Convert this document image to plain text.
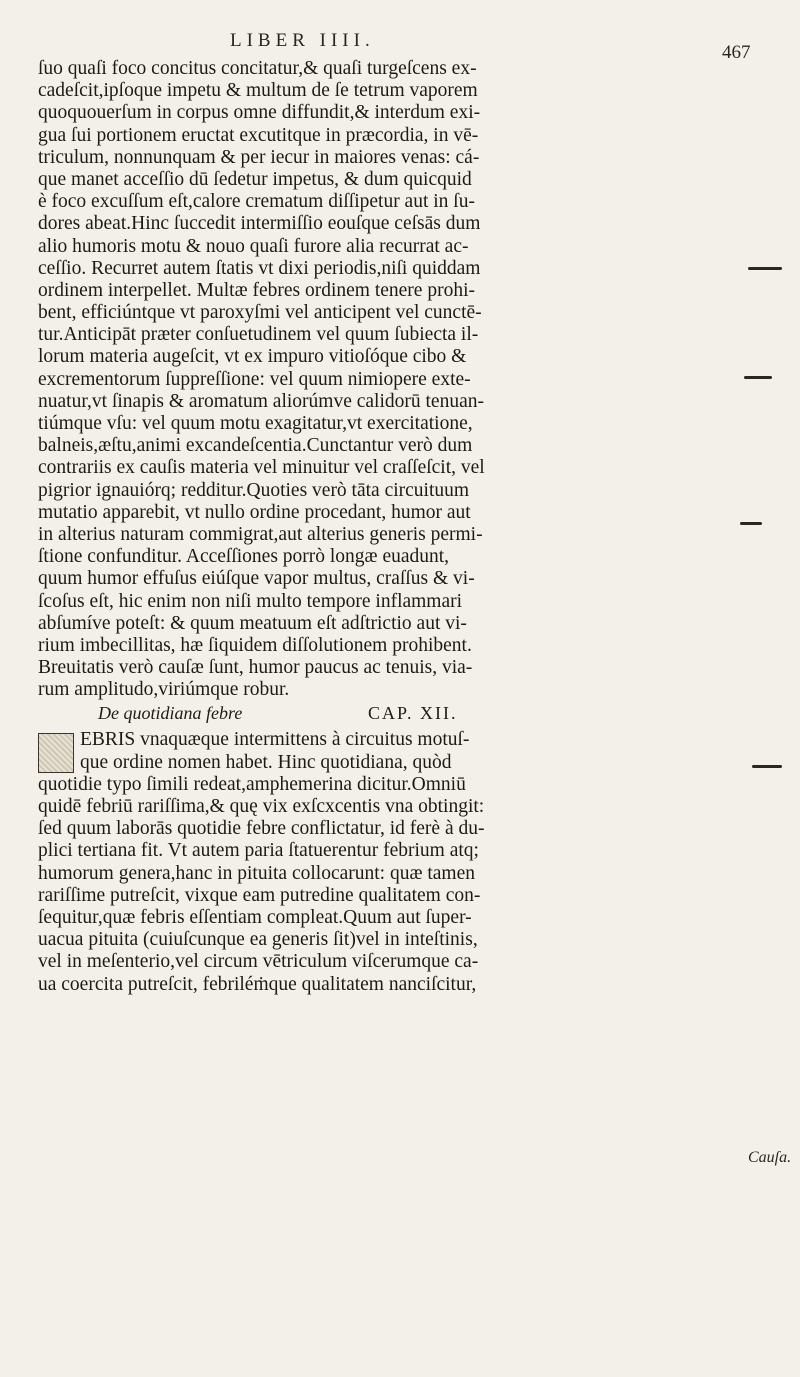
LIBER IIII.
467
ſuo quaſi foco concitus concitatur,& quaſi turgeſcens ex-
cadeſcit,ipſoque impetu & multum de ſe tetrum vaporem
quoquouerſum in corpus omne diffundit,& interdum exi-
gua ſui portionem eructat excutitque in præcordia, in vē-
triculum, nonnunquam & per iecur in maiores venas: cá-
que manet acceſſio dū ſedetur impetus, & dum quicquid
è foco excuſſum eſt,calore crematum diſſipetur aut in ſu-
dores abeat.Hinc ſuccedit intermiſſio eouſque ceſsās dum
alio humoris motu & nouo quaſi furore alia recurrat ac-
ceſſio. Recurret autem ſtatis vt dixi periodis,niſi quiddam
ordinem interpellet. Multæ febres ordinem tenere prohi-
bent, efficiúntque vt paroxyſmi vel anticipent vel cunctē-
tur.Anticipāt præter conſuetudinem vel quum ſubiecta il-
lorum materia augeſcit, vt ex impuro vitioſóque cibo &
excrementorum ſuppreſſione: vel quum nimiopere exte-
nuatur,vt ſinapis & aromatum aliorúmve calidorū tenuan-
tiúmque vſu: vel quum motu exagitatur,vt exercitatione,
balneis,æſtu,animi excandeſcentia.Cunctantur verò dum
contrariis ex cauſis materia vel minuitur vel craſſeſcit, vel
pigrior ignauiórq; redditur.Quoties verò tāta circuituum
mutatio apparebit, vt nullo ordine procedant, humor aut
in alterius naturam commigrat,aut alterius generis permi-
ſtione confunditur. Acceſſiones porrò longæ euadunt,
quum humor effuſus eiúſque vapor multus, craſſus & vi-
ſcoſus eſt, hic enim non niſi multo tempore inflammari
abſumíve poteſt: & quum meatuum eſt adſtrictio aut vi-
rium imbecillitas, hæ ſiquidem diſſolutionem prohibent.
Breuitatis verò cauſæ ſunt, humor paucus ac tenuis, via-
rum amplitudo,viriúmque robur.
De quotidiana febre	CAP. XII.
EBRIS vnaquæque intermittens à circuitus motuſ-
que ordine nomen habet. Hinc quotidiana, quòd
quotidie typo ſimili redeat,amphemerina dicitur.Omniū
quidē febriū rariſſima,& quę vix exſcxcentis vna obtingit:
ſed quum laborās quotidie febre conflictatur, id ferè à du-
plici tertiana fit. Vt autem paria ſtatuerentur febrium atq;
humorum genera,hanc in pituita collocarunt: quæ tamen
rariſſime putreſcit, vixque eam putredine qualitatem con-
ſequitur,quæ febris eſſentiam compleat.Quum aut ſuper-
uacua pituita (cuiuſcunque ea generis ſit)vel in inteſtinis,
vel in meſenterio,vel circum vētriculum viſcerumque ca-
ua coercita putreſcit, febriléṁque qualitatem nanciſcitur,
Cauſa.
